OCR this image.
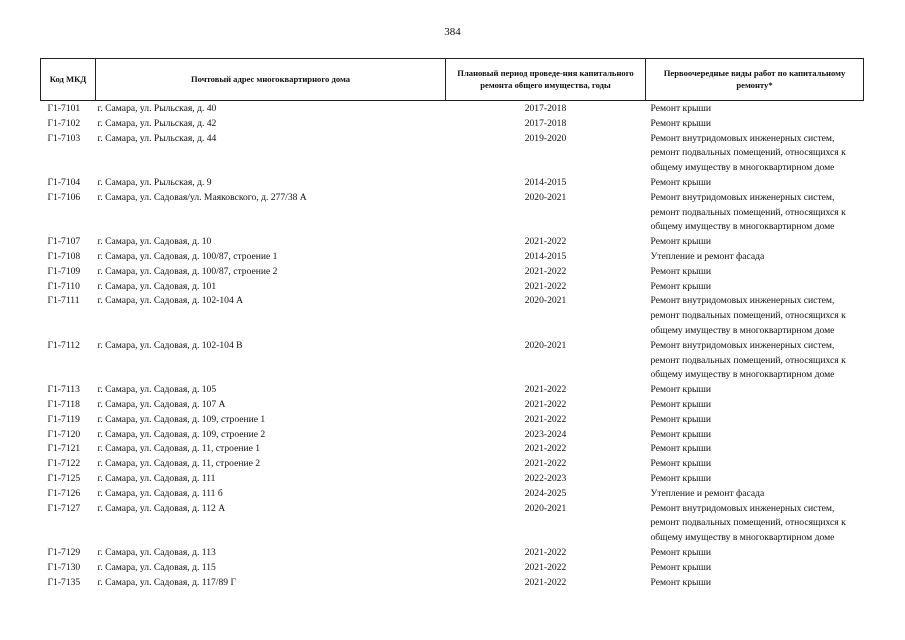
384
Код МКД	Почтовый адрес многоквартирного дома	Плановый период проведе-ния капитального ремонта общего имущества, годы	Первоочередные виды работ по капитальному ремонту*
Г1-7101	г. Самара, ул. Рыльская, д. 40	2017-2018	Ремонт крыши
Г1-7102	г. Самара, ул. Рыльская, д. 42	2017-2018	Ремонт крыши
Г1-7103	г. Самара, ул. Рыльская, д. 44	2019-2020	Ремонт внутридомовых инженерных систем, ремонт подвальных помещений, относящихся к общему имуществу в многоквартирном доме
Г1-7104	г. Самара, ул. Рыльская, д. 9	2014-2015	Ремонт крыши
Г1-7106	г. Самара, ул. Садовая/ул. Маяковского, д. 277/38 А	2020-2021	Ремонт внутридомовых инженерных систем, ремонт подвальных помещений, относящихся к общему имуществу в многоквартирном доме
Г1-7107	г. Самара, ул. Садовая, д. 10	2021-2022	Ремонт крыши
Г1-7108	г. Самара, ул. Садовая, д. 100/87, строение 1	2014-2015	Утепление и ремонт фасада
Г1-7109	г. Самара, ул. Садовая, д. 100/87, строение 2	2021-2022	Ремонт крыши
Г1-7110	г. Самара, ул. Садовая, д. 101	2021-2022	Ремонт крыши
Г1-7111	г. Самара, ул. Садовая, д. 102-104 А	2020-2021	Ремонт внутридомовых инженерных систем, ремонт подвальных помещений, относящихся к общему имуществу в многоквартирном доме
Г1-7112	г. Самара, ул. Садовая, д. 102-104 В	2020-2021	Ремонт внутридомовых инженерных систем, ремонт подвальных помещений, относящихся к общему имуществу в многоквартирном доме
Г1-7113	г. Самара, ул. Садовая, д. 105	2021-2022	Ремонт крыши
Г1-7118	г. Самара, ул. Садовая, д. 107 А	2021-2022	Ремонт крыши
Г1-7119	г. Самара, ул. Садовая, д. 109, строение 1	2021-2022	Ремонт крыши
Г1-7120	г. Самара, ул. Садовая, д. 109, строение 2	2023-2024	Ремонт крыши
Г1-7121	г. Самара, ул. Садовая, д. 11, строение 1	2021-2022	Ремонт крыши
Г1-7122	г. Самара, ул. Садовая, д. 11, строение 2	2021-2022	Ремонт крыши
Г1-7125	г. Самара, ул. Садовая, д. 111	2022-2023	Ремонт крыши
Г1-7126	г. Самара, ул. Садовая, д. 111 б	2024-2025	Утепление и ремонт фасада
Г1-7127	г. Самара, ул. Садовая, д. 112 А	2020-2021	Ремонт внутридомовых инженерных систем, ремонт подвальных помещений, относящихся к общему имуществу в многоквартирном доме
Г1-7129	г. Самара, ул. Садовая, д. 113	2021-2022	Ремонт крыши
Г1-7130	г. Самара, ул. Садовая, д. 115	2021-2022	Ремонт крыши
Г1-7135	г. Самара, ул. Садовая, д. 117/89 Г	2021-2022	Ремонт крыши
